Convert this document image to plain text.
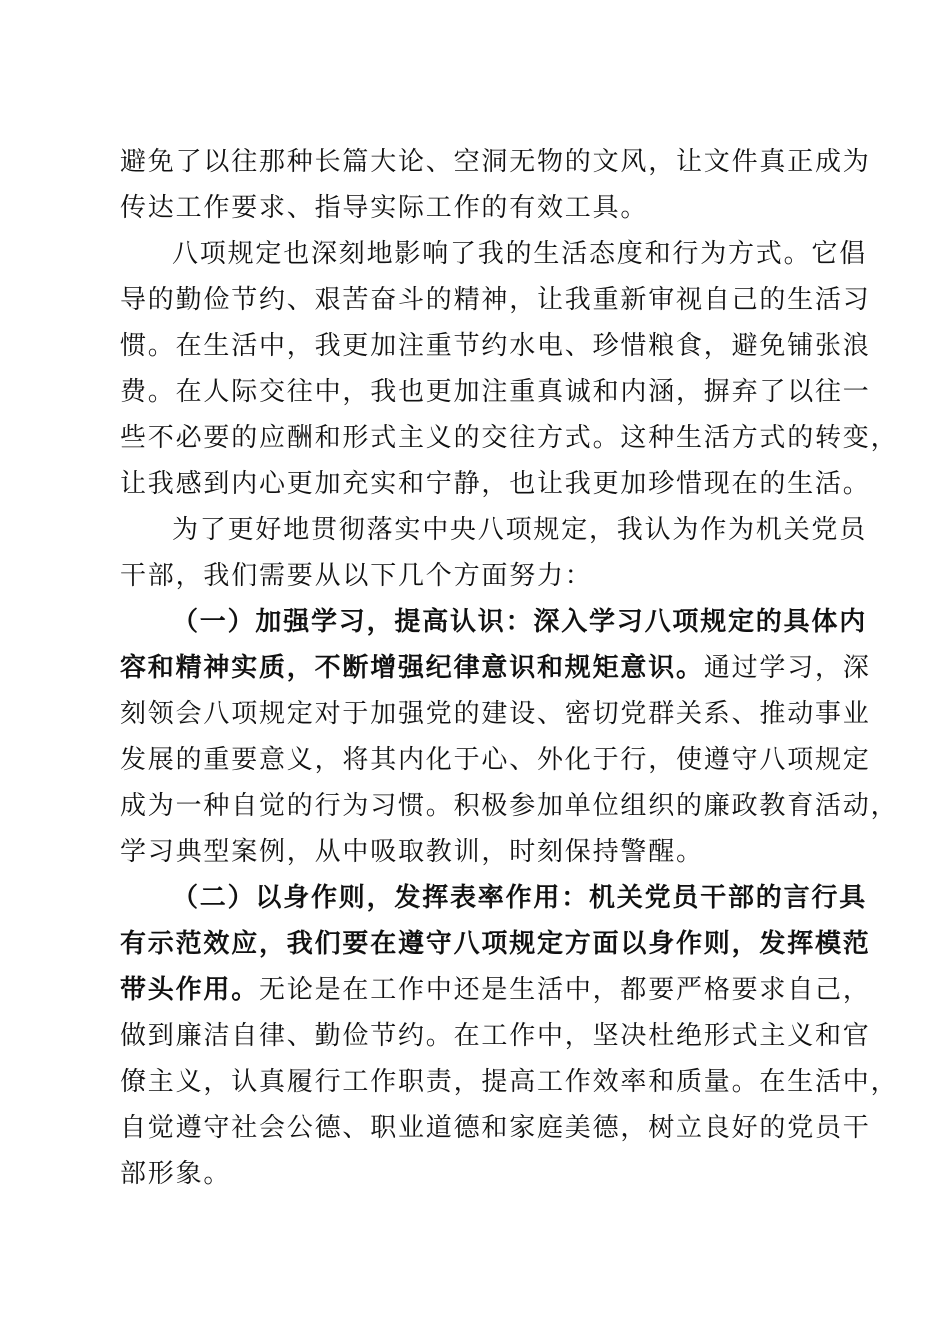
避免了以往那种长篇大论、空洞无物的文风，让文件真正成为
传达工作要求、指导实际工作的有效工具。
八项规定也深刻地影响了我的生活态度和行为方式。它倡
导的勤俭节约、艰苦奋斗的精神，让我重新审视自己的生活习
惯。在生活中，我更加注重节约水电、珍惜粮食，避免铺张浪
费。在人际交往中，我也更加注重真诚和内涵，摒弃了以往一
些不必要的应酬和形式主义的交往方式。这种生活方式的转变，
让我感到内心更加充实和宁静，也让我更加珍惜现在的生活。
为了更好地贯彻落实中央八项规定，我认为作为机关党员
干部，我们需要从以下几个方面努力：
（一）加强学习，提高认识：深入学习八项规定的具体内
容和精神实质，不断增强纪律意识和规矩意识。通过学习，深
刻领会八项规定对于加强党的建设、密切党群关系、推动事业
发展的重要意义，将其内化于心、外化于行，使遵守八项规定
成为一种自觉的行为习惯。积极参加单位组织的廉政教育活动，
学习典型案例，从中吸取教训，时刻保持警醒。
（二）以身作则，发挥表率作用：机关党员干部的言行具
有示范效应，我们要在遵守八项规定方面以身作则，发挥模范
带头作用。无论是在工作中还是生活中，都要严格要求自己，
做到廉洁自律、勤俭节约。在工作中，坚决杜绝形式主义和官
僚主义，认真履行工作职责，提高工作效率和质量。在生活中，
自觉遵守社会公德、职业道德和家庭美德，树立良好的党员干
部形象。
